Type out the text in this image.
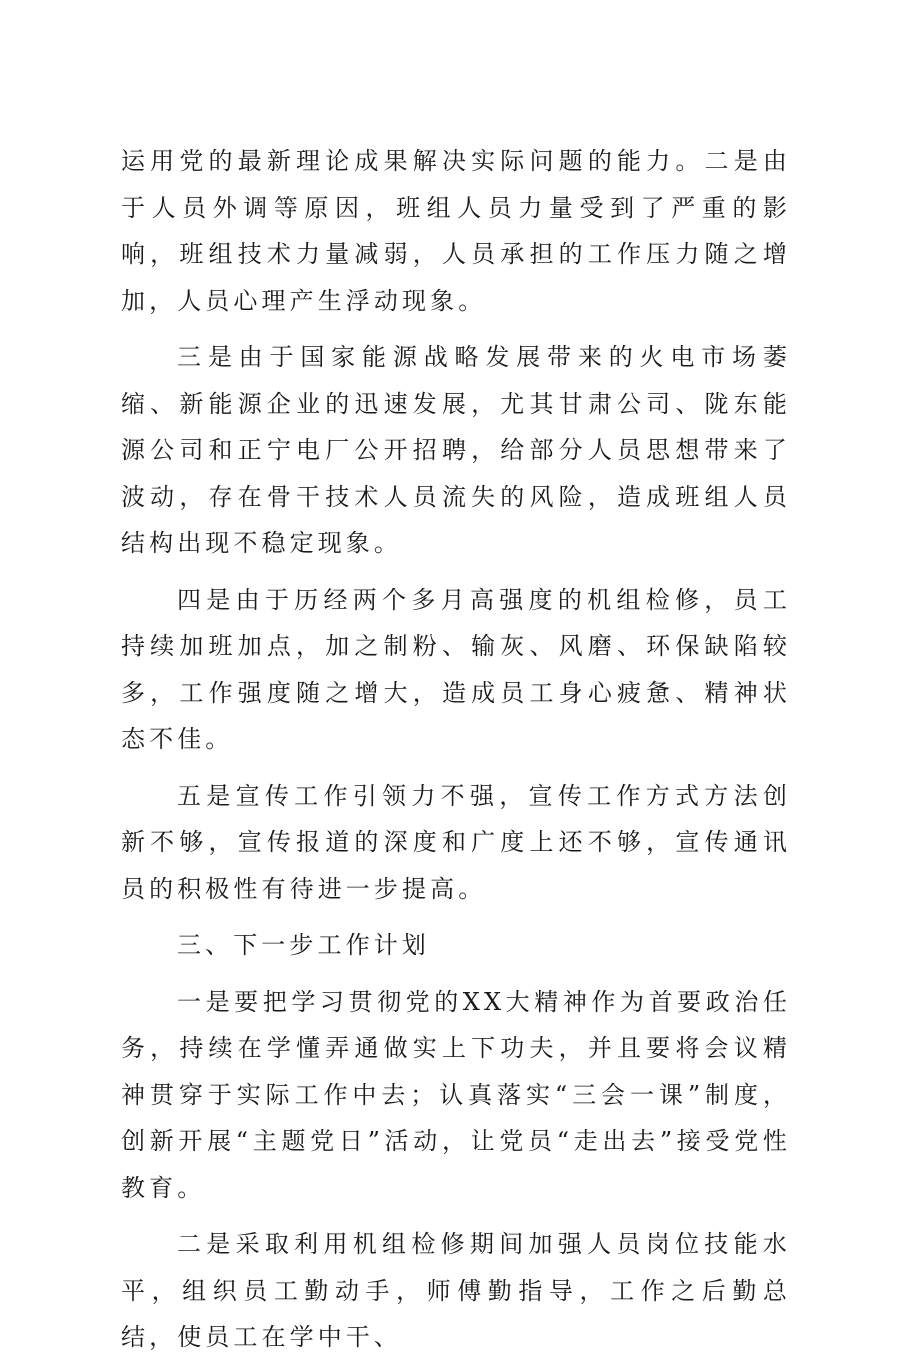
运用党的最新理论成果解决实际问题的能力。二是由于人员外调等原因，班组人员力量受到了严重的影响，班组技术力量减弱，人员承担的工作压力随之增加，人员心理产生浮动现象。

三是由于国家能源战略发展带来的火电市场萎缩、新能源企业的迅速发展，尤其甘肃公司、陇东能源公司和正宁电厂公开招聘，给部分人员思想带来了波动，存在骨干技术人员流失的风险，造成班组人员结构出现不稳定现象。

四是由于历经两个多月高强度的机组检修，员工持续加班加点，加之制粉、输灰、风磨、环保缺陷较多，工作强度随之增大，造成员工身心疲惫、精神状态不佳。

五是宣传工作引领力不强，宣传工作方式方法创新不够，宣传报道的深度和广度上还不够，宣传通讯员的积极性有待进一步提高。

三、下一步工作计划

一是要把学习贯彻党的XX大精神作为首要政治任务，持续在学懂弄通做实上下功夫，并且要将会议精神贯穿于实际工作中去；认真落实“三会一课”制度，创新开展“主题党日”活动，让党员“走出去”接受党性教育。

二是采取利用机组检修期间加强人员岗位技能水平，组织员工勤动手，师傅勤指导，工作之后勤总结，使员工在学中干、
